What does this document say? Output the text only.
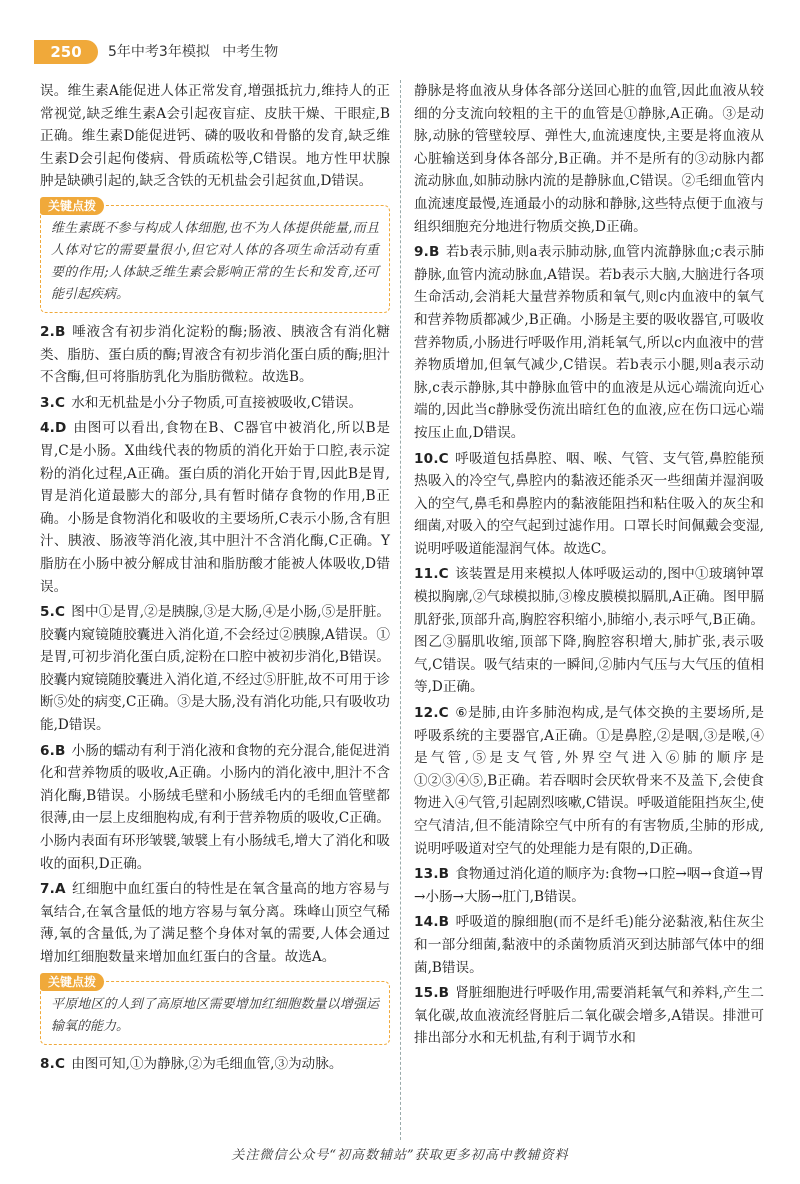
250	5年中考3年模拟 中考生物

误。维生素A能促进人体正常发育,增强抵抗力,维持人的正常视觉,缺乏维生素A会引起夜盲症、皮肤干燥、干眼症,B正确。维生素D能促进钙、磷的吸收和骨骼的发育,缺乏维生素D会引起佝偻病、骨质疏松等,C错误。地方性甲状腺肿是缺碘引起的,缺乏含铁的无机盐会引起贫血,D错误。

关键点拨
维生素既不参与构成人体细胞,也不为人体提供能量,而且人体对它的需要量很小,但它对人体的各项生命活动有重要的作用;人体缺乏维生素会影响正常的生长和发育,还可能引起疾病。

2.B 唾液含有初步消化淀粉的酶;肠液、胰液含有消化糖类、脂肪、蛋白质的酶;胃液含有初步消化蛋白质的酶;胆汁不含酶,但可将脂肪乳化为脂肪微粒。故选B。

3.C 水和无机盐是小分子物质,可直接被吸收,C错误。

4.D 由图可以看出,食物在B、C器官中被消化,所以B是胃,C是小肠。X曲线代表的物质的消化开始于口腔,表示淀粉的消化过程,A正确。蛋白质的消化开始于胃,因此B是胃,胃是消化道最膨大的部分,具有暂时储存食物的作用,B正确。小肠是食物消化和吸收的主要场所,C表示小肠,含有胆汁、胰液、肠液等消化液,其中胆汁不含消化酶,C正确。Y脂肪在小肠中被分解成甘油和脂肪酸才能被人体吸收,D错误。

5.C 图中①是胃,②是胰腺,③是大肠,④是小肠,⑤是肝脏。胶囊内窥镜随胶囊进入消化道,不会经过②胰腺,A错误。①是胃,可初步消化蛋白质,淀粉在口腔中被初步消化,B错误。胶囊内窥镜随胶囊进入消化道,不经过⑤肝脏,故不可用于诊断⑤处的病变,C正确。③是大肠,没有消化功能,只有吸收功能,D错误。

6.B 小肠的蠕动有利于消化液和食物的充分混合,能促进消化和营养物质的吸收,A正确。小肠内的消化液中,胆汁不含消化酶,B错误。小肠绒毛壁和小肠绒毛内的毛细血管壁都很薄,由一层上皮细胞构成,有利于营养物质的吸收,C正确。小肠内表面有环形皱襞,皱襞上有小肠绒毛,增大了消化和吸收的面积,D正确。

7.A 红细胞中血红蛋白的特性是在氧含量高的地方容易与氧结合,在氧含量低的地方容易与氧分离。珠峰山顶空气稀薄,氧的含量低,为了满足整个身体对氧的需要,人体会通过增加红细胞数量来增加血红蛋白的含量。故选A。

关键点拨
平原地区的人到了高原地区需要增加红细胞数量以增强运输氧的能力。

8.C 由图可知,①为静脉,②为毛细血管,③为动脉。

静脉是将血液从身体各部分送回心脏的血管,因此血液从较细的分支流向较粗的主干的血管是①静脉,A正确。③是动脉,动脉的管壁较厚、弹性大,血流速度快,主要是将血液从心脏输送到身体各部分,B正确。并不是所有的③动脉内都流动脉血,如肺动脉内流的是静脉血,C错误。②毛细血管内血流速度最慢,连通最小的动脉和静脉,这些特点便于血液与组织细胞充分地进行物质交换,D正确。

9.B 若b表示肺,则a表示肺动脉,血管内流静脉血;c表示肺静脉,血管内流动脉血,A错误。若b表示大脑,大脑进行各项生命活动,会消耗大量营养物质和氧气,则c内血液中的氧气和营养物质都减少,B正确。小肠是主要的吸收器官,可吸收营养物质,小肠进行呼吸作用,消耗氧气,所以c内血液中的营养物质增加,但氧气减少,C错误。若b表示小腿,则a表示动脉,c表示静脉,其中静脉血管中的血液是从远心端流向近心端的,因此当c静脉受伤流出暗红色的血液,应在伤口远心端按压止血,D错误。

10.C 呼吸道包括鼻腔、咽、喉、气管、支气管,鼻腔能预热吸入的冷空气,鼻腔内的黏液还能杀灭一些细菌并湿润吸入的空气,鼻毛和鼻腔内的黏液能阻挡和粘住吸入的灰尘和细菌,对吸入的空气起到过滤作用。口罩长时间佩戴会变湿,说明呼吸道能湿润气体。故选C。

11.C 该装置是用来模拟人体呼吸运动的,图中①玻璃钟罩模拟胸廓,②气球模拟肺,③橡皮膜模拟膈肌,A正确。图甲膈肌舒张,顶部升高,胸腔容积缩小,肺缩小,表示呼气,B正确。图乙③膈肌收缩,顶部下降,胸腔容积增大,肺扩张,表示吸气,C错误。吸气结束的一瞬间,②肺内气压与大气压的值相等,D正确。

12.C ⑥是肺,由许多肺泡构成,是气体交换的主要场所,是呼吸系统的主要器官,A正确。①是鼻腔,②是咽,③是喉,④是气管,⑤是支气管,外界空气进入⑥肺的顺序是①②③④⑤,B正确。若吞咽时会厌软骨来不及盖下,会使食物进入④气管,引起剧烈咳嗽,C错误。呼吸道能阻挡灰尘,使空气清洁,但不能清除空气中所有的有害物质,尘肺的形成,说明呼吸道对空气的处理能力是有限的,D正确。

13.B 食物通过消化道的顺序为:食物→口腔→咽→食道→胃→小肠→大肠→肛门,B错误。

14.B 呼吸道的腺细胞(而不是纤毛)能分泌黏液,粘住灰尘和一部分细菌,黏液中的杀菌物质消灭到达肺部气体中的细菌,B错误。

15.B 肾脏细胞进行呼吸作用,需要消耗氧气和养料,产生二氧化碳,故血液流经肾脏后二氧化碳会增多,A错误。排泄可排出部分水和无机盐,有利于调节水和

关注微信公众号“初高数辅站”获取更多初高中教辅资料
